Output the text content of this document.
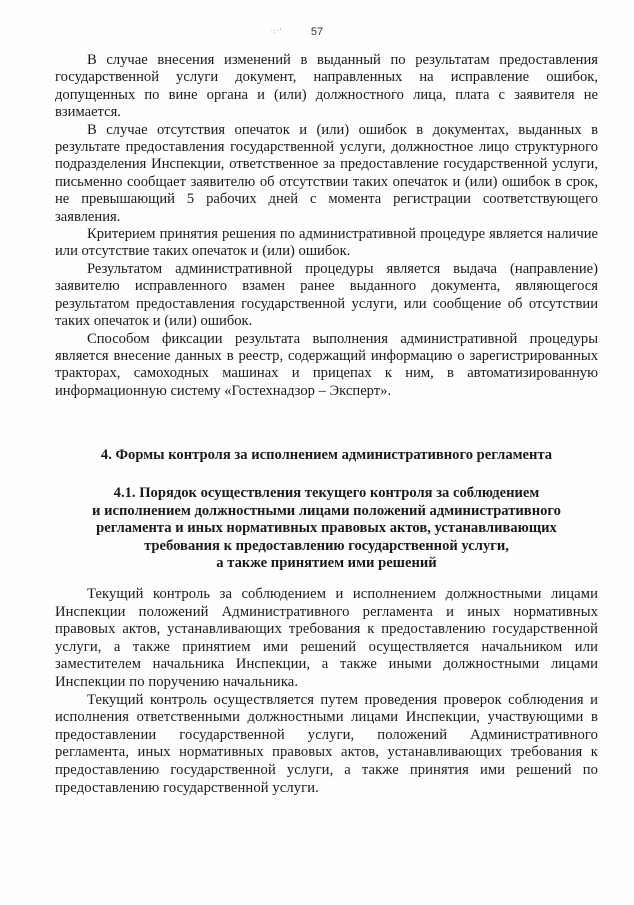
·:·'	57

В случае внесения изменений в выданный по результатам предоставления государственной услуги документ, направленных на исправление ошибок, допущенных по вине органа и (или) должностного лица, плата с заявителя не взимается.

В случае отсутствия опечаток и (или) ошибок в документах, выданных в результате предоставления государственной услуги, должностное лицо структурного подразделения Инспекции, ответственное за предоставление государственной услуги, письменно сообщает заявителю об отсутствии таких опечаток и (или) ошибок в срок, не превышающий 5 рабочих дней с момента регистрации соответствующего заявления.

Критерием принятия решения по административной процедуре является наличие или отсутствие таких опечаток и (или) ошибок.

Результатом административной процедуры является выдача (направление) заявителю исправленного взамен ранее выданного документа, являющегося результатом предоставления государственной услуги, или сообщение об отсутствии таких опечаток и (или) ошибок.

Способом фиксации результата выполнения административной процедуры является внесение данных в реестр, содержащий информацию о зарегистрированных тракторах, самоходных машинах и прицепах к ним, в автоматизированную информационную систему «Гостехнадзор – Эксперт».

4. Формы контроля за исполнением административного регламента
4.1. Порядок осуществления текущего контроля за соблюдением
и исполнением должностными лицами положений административного
регламента и иных нормативных правовых актов, устанавливающих
требования к предоставлению государственной услуги,
а также принятием ими решений

Текущий контроль за соблюдением и исполнением должностными лицами Инспекции положений Административного регламента и иных нормативных правовых актов, устанавливающих требования к предоставлению государственной услуги, а также принятием ими решений осуществляется начальником или заместителем начальника Инспекции, а также иными должностными лицами Инспекции по поручению начальника.

Текущий контроль осуществляется путем проведения проверок соблюдения и исполнения ответственными должностными лицами Инспекции, участвующими в предоставлении государственной услуги, положений Административного регламента, иных нормативных правовых актов, устанавливающих требования к предоставлению государственной услуги, а также принятия ими решений по предоставлению государственной услуги.
